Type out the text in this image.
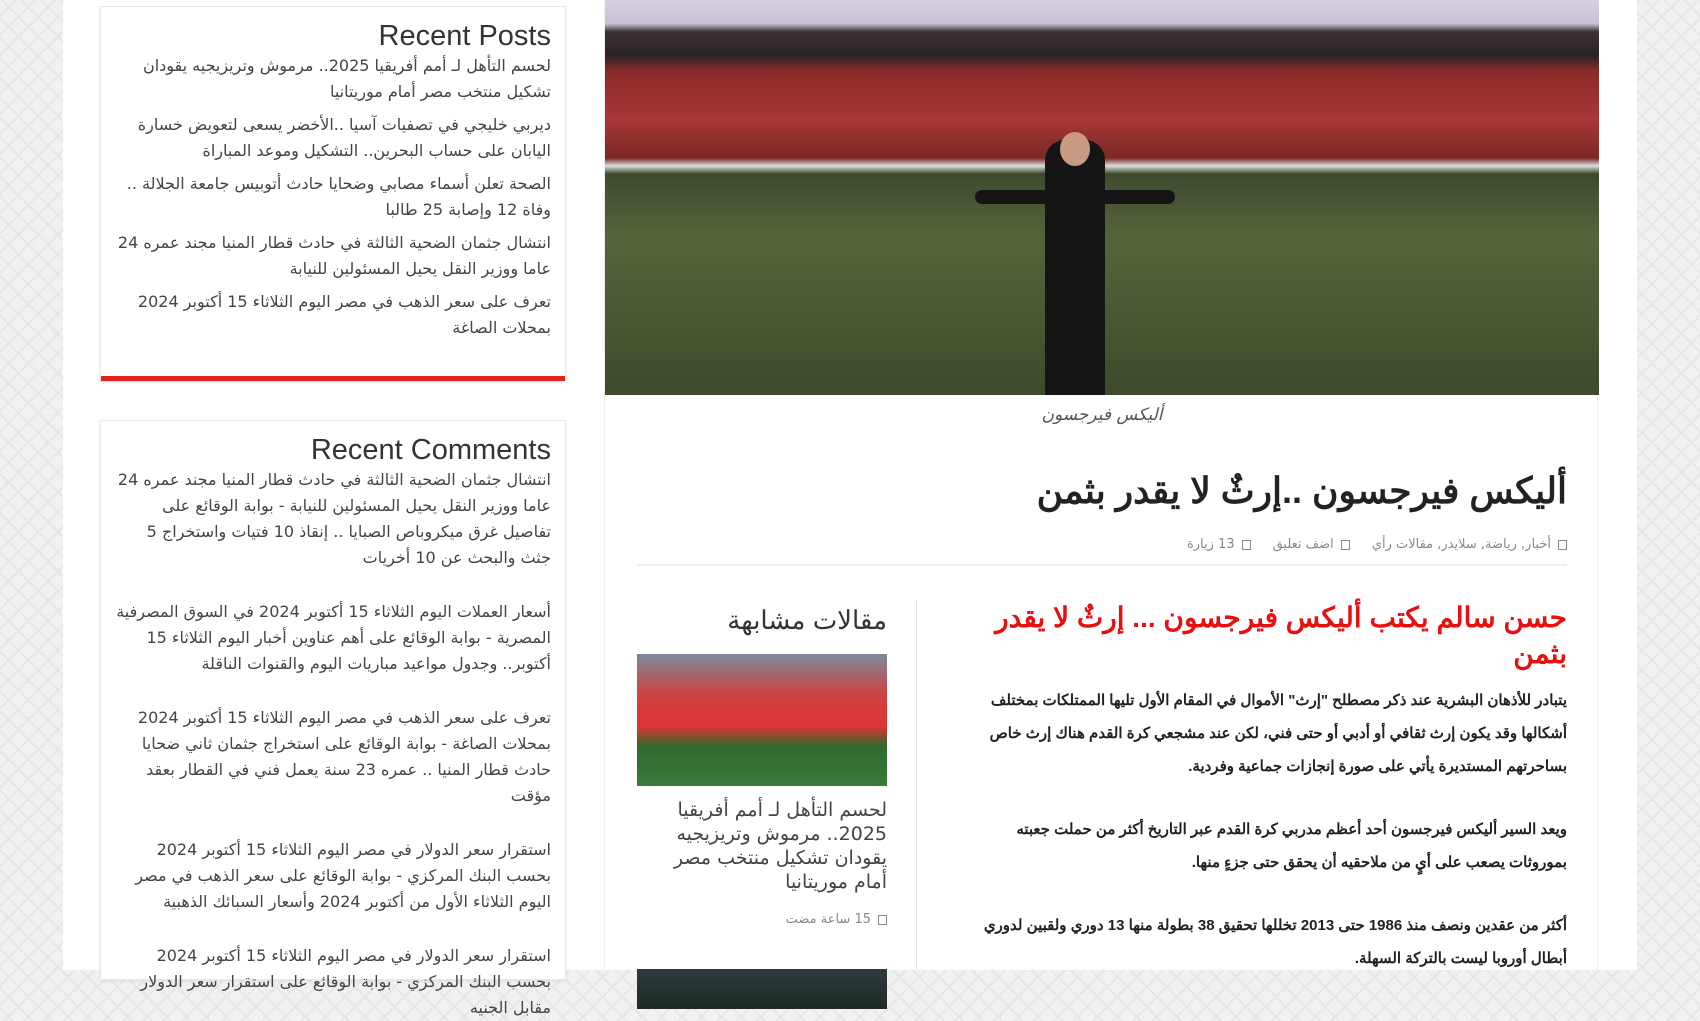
Recent Posts
لحسم التأهل لـ أمم أفريقيا 2025.. مرموش وتريزيجيه يقودان تشكيل منتخب مصر أمام موريتانيا
ديربي خليجي في تصفيات آسيا ..الأخضر يسعى لتعويض خسارة اليابان على حساب البحرين.. التشكيل وموعد المباراة
الصحة تعلن أسماء مصابي وضحايا حادث أتوبيس جامعة الجلالة .. وفاة 12 وإصابة 25 طالبا
انتشال جثمان الضحية الثالثة في حادث قطار المنيا مجند عمره 24 عاما ووزير النقل يحيل المسئولين للنيابة
تعرف على سعر الذهب في مصر اليوم الثلاثاء 15 أكتوبر 2024 بمحلات الصاغة
Recent Comments
انتشال جثمان الضحية الثالثة في حادث قطار المنيا مجند عمره 24 عاما ووزير النقل يحيل المسئولين للنيابة - بوابة الوقائع على تفاصيل غرق ميكروباص الصبايا .. إنقاذ 10 فتيات واستخراج 5 جثث والبحث عن 10 أخريات
أسعار العملات اليوم الثلاثاء 15 أكتوبر 2024 في السوق المصرفية المصرية - بوابة الوقائع على أهم عناوين أخبار اليوم الثلاثاء 15 أكتوبر.. وجدول مواعيد مباريات اليوم والقنوات الناقلة
تعرف على سعر الذهب في مصر اليوم الثلاثاء 15 أكتوبر 2024 بمحلات الصاغة - بوابة الوقائع على استخراج جثمان ثاني ضحايا حادث قطار المنيا .. عمره 23 سنة يعمل فني في القطار بعقد مؤقت
استقرار سعر الدولار في مصر اليوم الثلاثاء 15 أكتوبر 2024 بحسب البنك المركزي - بوابة الوقائع على سعر الذهب في مصر اليوم الثلاثاء الأول من أكتوبر 2024 وأسعار السبائك الذهبية
استقرار سعر الدولار في مصر اليوم الثلاثاء 15 أكتوبر 2024 بحسب البنك المركزي - بوابة الوقائع على استقرار سعر الدولار مقابل الجنيه
أليكس فيرجسون
أليكس فيرجسون ..إرثٌ لا يقدر بثمن
أخبار, رياضة, سلايدر, مقالات رأي
اضف تعليق
13 زيارة
حسن سالم يكتب أليكس فيرجسون ... إرثٌ لا يقدر بثمن

يتبادر للأذهان البشرية عند ذكر مصطلح "إرث" الأموال في المقام الأول تليها الممتلكات بمختلف أشكالها وقد يكون إرث ثقافي أو أدبي أو حتى فني، لكن عند مشجعي كرة القدم هناك إرث خاص بساحرتهم المستديرة يأتي على صورة إنجازات جماعية وفردية.

ويعد السير أليكس فيرجسون أحد أعظم مدربي كرة القدم عبر التاريخ أكثر من حملت جعبته بموروثات يصعب على أيٍ من ملاحقيه أن يحقق حتى جزءٍ منها.

أكثر من عقدين ونصف منذ 1986 حتى 2013 تخللها تحقيق 38 بطولة منها 13 دوري ولقبين لدوري أبطال أوروبا ليست بالتركة السهلة.

مقالات مشابهة
لحسم التأهل لـ أمم أفريقيا 2025.. مرموش وتريزيجيه يقودان تشكيل منتخب مصر أمام موريتانيا
15 ساعة مضت
